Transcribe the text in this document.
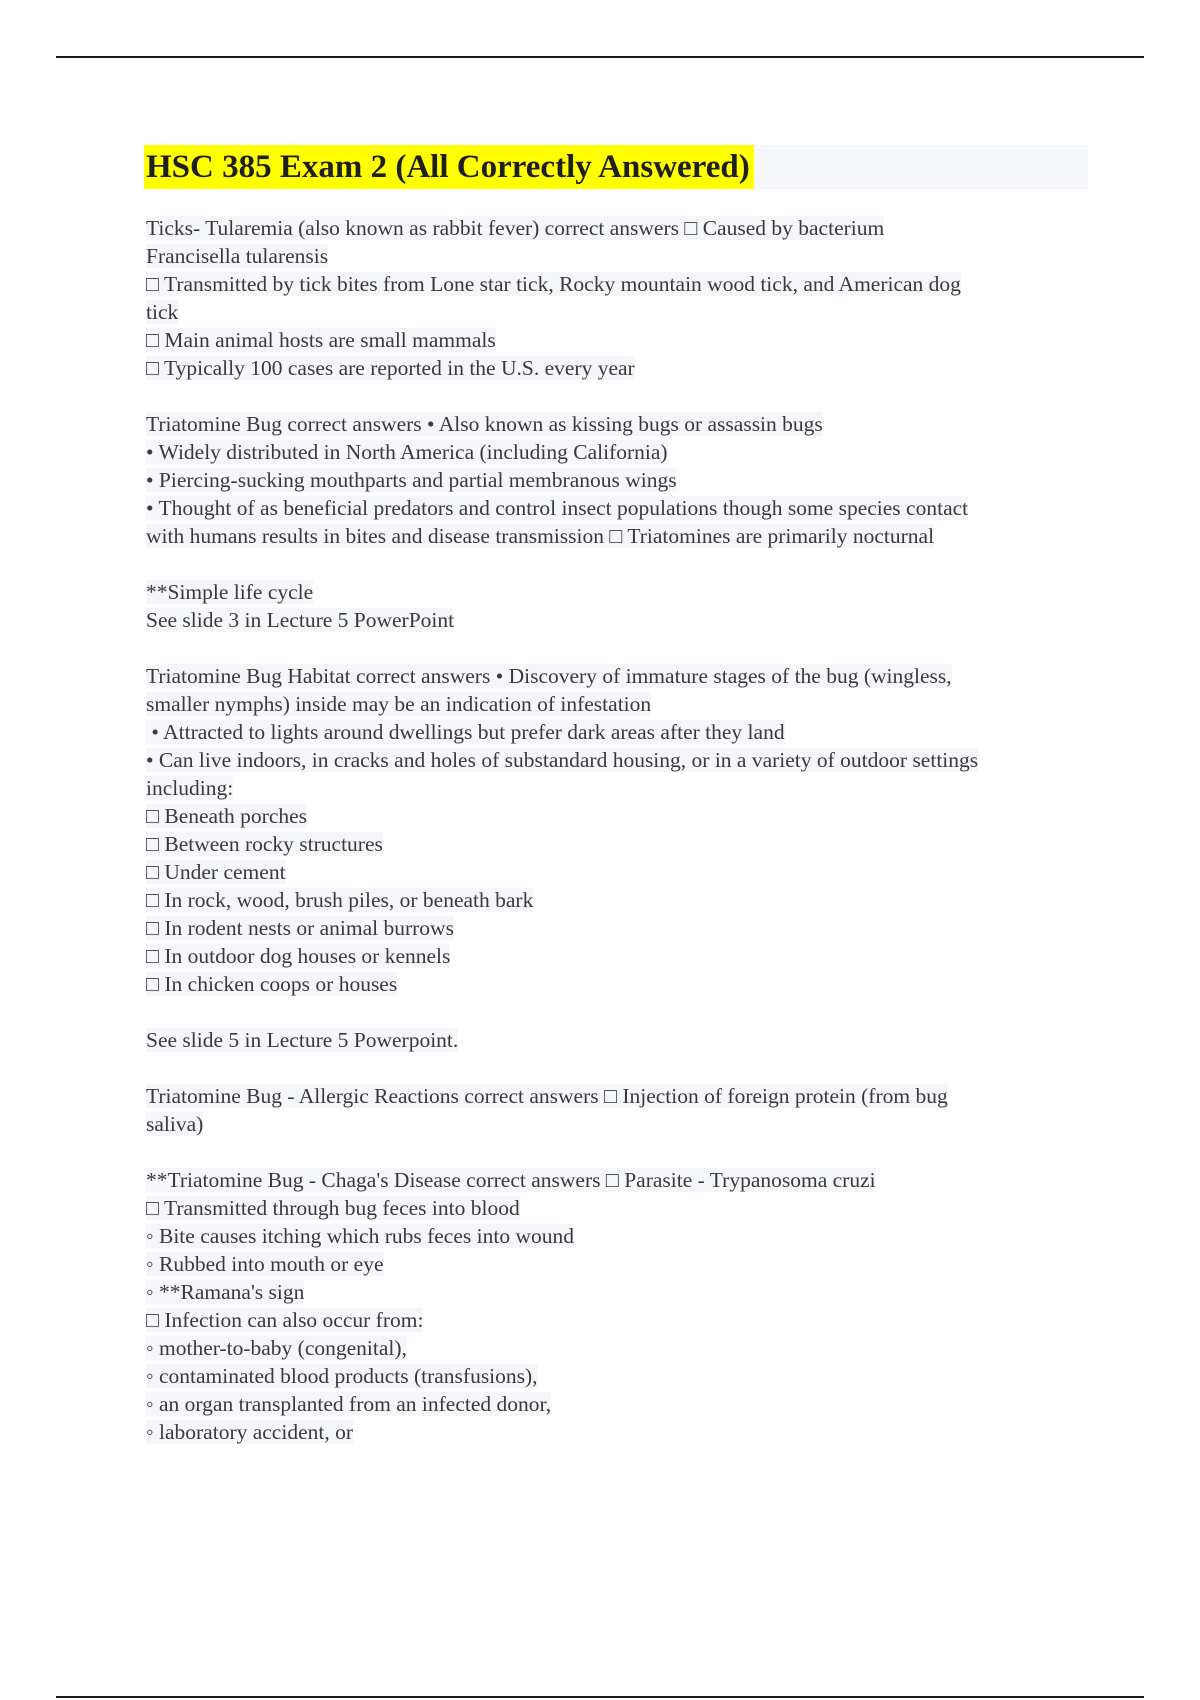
HSC 385 Exam 2 (All Correctly Answered)
Ticks- Tularemia (also known as rabbit fever) correct answers □ Caused by bacterium
Francisella tularensis
□ Transmitted by tick bites from Lone star tick, Rocky mountain wood tick, and American dog
tick
□ Main animal hosts are small mammals
□ Typically 100 cases are reported in the U.S. every year
Triatomine Bug correct answers • Also known as kissing bugs or assassin bugs
• Widely distributed in North America (including California)
• Piercing-sucking mouthparts and partial membranous wings
• Thought of as beneficial predators and control insect populations though some species contact
with humans results in bites and disease transmission □ Triatomines are primarily nocturnal
**Simple life cycle
See slide 3 in Lecture 5 PowerPoint
Triatomine Bug Habitat correct answers • Discovery of immature stages of the bug (wingless,
smaller nymphs) inside may be an indication of infestation
• Attracted to lights around dwellings but prefer dark areas after they land
• Can live indoors, in cracks and holes of substandard housing, or in a variety of outdoor settings
including:
□ Beneath porches
□ Between rocky structures
□ Under cement
□ In rock, wood, brush piles, or beneath bark
□ In rodent nests or animal burrows
□ In outdoor dog houses or kennels
□ In chicken coops or houses
See slide 5 in Lecture 5 Powerpoint.
Triatomine Bug - Allergic Reactions correct answers □ Injection of foreign protein (from bug
saliva)
**Triatomine Bug - Chaga's Disease correct answers □ Parasite - Trypanosoma cruzi
□ Transmitted through bug feces into blood
◦ Bite causes itching which rubs feces into wound
◦ Rubbed into mouth or eye
◦ **Ramana's sign
□ Infection can also occur from:
◦ mother-to-baby (congenital),
◦ contaminated blood products (transfusions),
◦ an organ transplanted from an infected donor,
◦ laboratory accident, or
